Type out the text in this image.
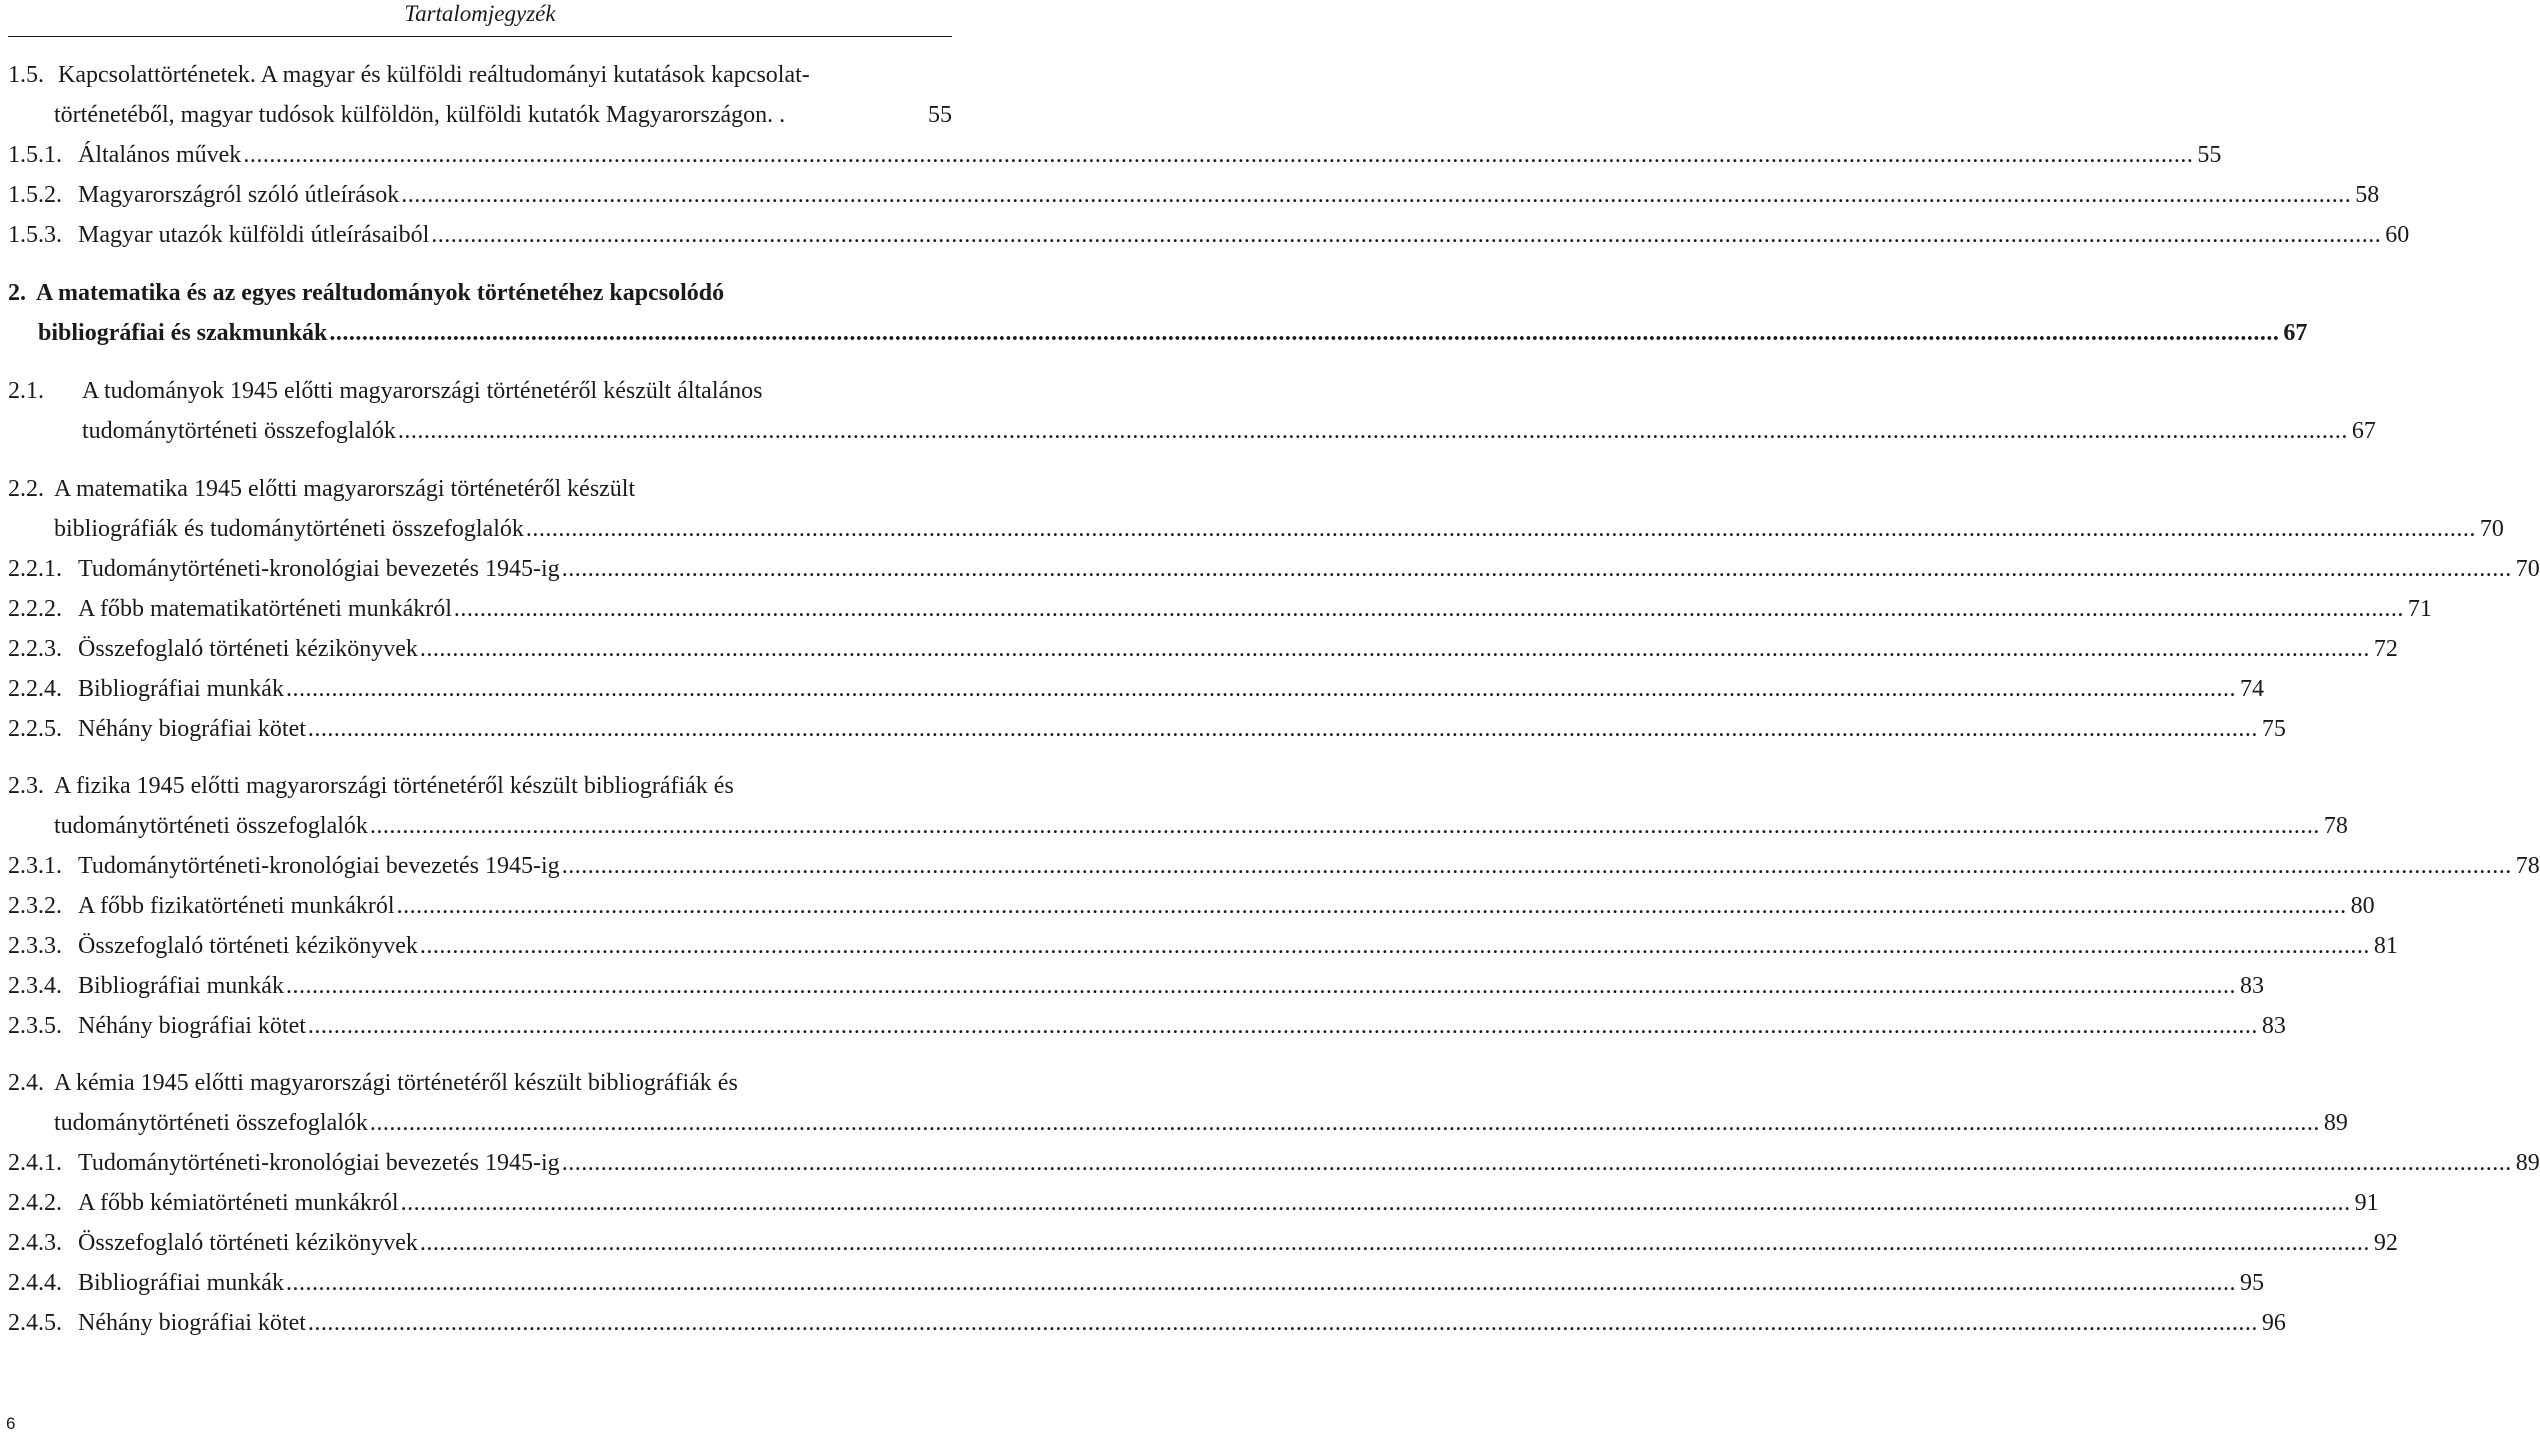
Tartalomjegyzék
1.5. Kapcsolattörténetek. A magyar és külföldi reáltudományi kutatások kapcsolat-
történetéből, magyar tudósok külföldön, külföldi kutatók Magyarországon. .	55
1.5.1. Általános művek ............................................................................................................................................................................................................................................................................................................ 55
1.5.2. Magyarországról szóló útleírások ............................................................................................................................................................................................................................................................................................................ 58
1.5.3. Magyar utazók külföldi útleírásaiból ............................................................................................................................................................................................................................................................................................................ 60
2. A matematika és az egyes reáltudományok történetéhez kapcsolódó
bibliográfiai és szakmunkák ............................................................................................................................................................................................................................................................................................................ 67
2.1.	A tudományok 1945 előtti magyarországi történetéről készült általános
tudománytörténeti összefoglalók ............................................................................................................................................................................................................................................................................................................ 67
2.2. A matematika 1945 előtti magyarországi történetéről készült
bibliográfiák és tudománytörténeti összefoglalók ............................................................................................................................................................................................................................................................................................................ 70
2.2.1. Tudománytörténeti-kronológiai bevezetés 1945-ig ............................................................................................................................................................................................................................................................................................................ 70
2.2.2. A főbb matematikatörténeti munkákról ............................................................................................................................................................................................................................................................................................................ 71
2.2.3. Összefoglaló történeti kézikönyvek ............................................................................................................................................................................................................................................................................................................ 72
2.2.4. Bibliográfiai munkák ............................................................................................................................................................................................................................................................................................................ 74
2.2.5. Néhány biográfiai kötet ............................................................................................................................................................................................................................................................................................................ 75
2.3. A fizika 1945 előtti magyarországi történetéről készült bibliográfiák és
tudománytörténeti összefoglalók ............................................................................................................................................................................................................................................................................................................ 78
2.3.1. Tudománytörténeti-kronológiai bevezetés 1945-ig ............................................................................................................................................................................................................................................................................................................ 78
2.3.2. A főbb fizikatörténeti munkákról ............................................................................................................................................................................................................................................................................................................ 80
2.3.3. Összefoglaló történeti kézikönyvek ............................................................................................................................................................................................................................................................................................................ 81
2.3.4. Bibliográfiai munkák ............................................................................................................................................................................................................................................................................................................ 83
2.3.5. Néhány biográfiai kötet ............................................................................................................................................................................................................................................................................................................ 83
2.4. A kémia 1945 előtti magyarországi történetéről készült bibliográfiák és
tudománytörténeti összefoglalók ............................................................................................................................................................................................................................................................................................................ 89
2.4.1. Tudománytörténeti-kronológiai bevezetés 1945-ig ............................................................................................................................................................................................................................................................................................................ 89
2.4.2. A főbb kémiatörténeti munkákról ............................................................................................................................................................................................................................................................................................................ 91
2.4.3. Összefoglaló történeti kézikönyvek ............................................................................................................................................................................................................................................................................................................ 92
2.4.4. Bibliográfiai munkák ............................................................................................................................................................................................................................................................................................................ 95
2.4.5. Néhány biográfiai kötet ............................................................................................................................................................................................................................................................................................................ 96
6
